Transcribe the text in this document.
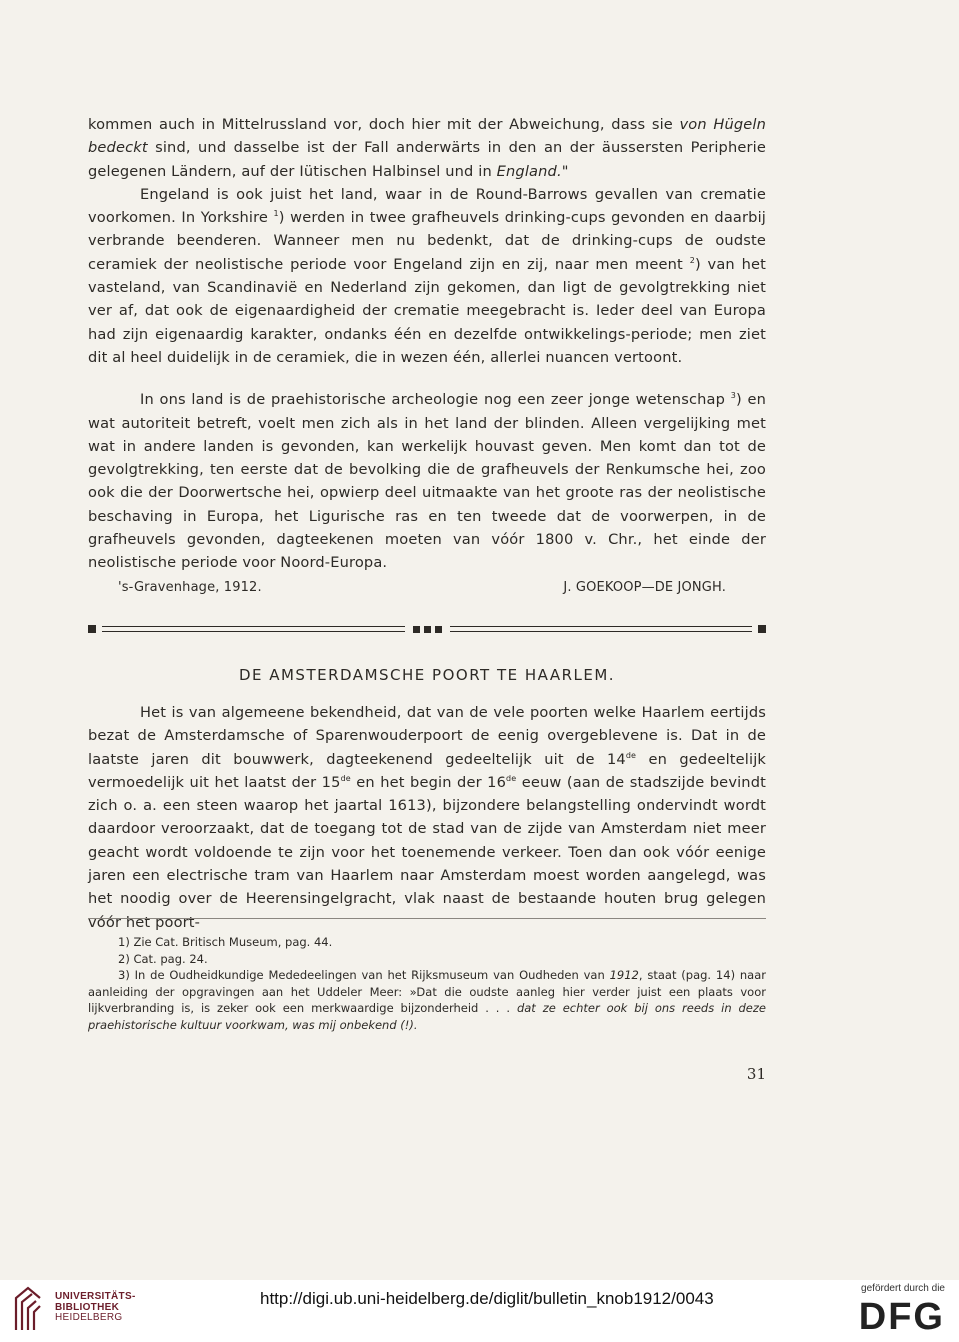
kommen auch in Mittelrussland vor, doch hier mit der Abweichung, dass sie von Hügeln bedeckt sind, und dasselbe ist der Fall anderwärts in den an der äussersten Peripherie gelegenen Ländern, auf der Iütischen Halbinsel und in England."

Engeland is ook juist het land, waar in de Round-Barrows gevallen van crematie voorkomen. In Yorkshire $^1$) werden in twee grafheuvels drinking-cups gevonden en daarbij verbrande beenderen. Wanneer men nu bedenkt, dat de drinking-cups de oudste ceramiek der neolistische periode voor Engeland zijn en zij, naar men meent $^2$) van het vasteland, van Scandinavië en Nederland zijn gekomen, dan ligt de gevolgtrekking niet ver af, dat ook de eigenaardigheid der crematie meegebracht is. Ieder deel van Europa had zijn eigenaardig karakter, ondanks één en dezelfde ontwikkelings-periode; men ziet dit al heel duidelijk in de ceramiek, die in wezen één, allerlei nuancen vertoont.

In ons land is de praehistorische archeologie nog een zeer jonge wetenschap $^3$) en wat autoriteit betreft, voelt men zich als in het land der blinden. Alleen vergelijking met wat in andere landen is gevonden, kan werkelijk houvast geven. Men komt dan tot de gevolgtrekking, ten eerste dat de bevolking die de grafheuvels der Renkumsche hei, zoo ook die der Doorwertsche hei, opwierp deel uitmaakte van het groote ras der neolistische beschaving in Europa, het Ligurische ras en ten tweede dat de voorwerpen, in de grafheuvels gevonden, dagteekenen moeten van vóór 1800 v. Chr., het einde der neolistische periode voor Noord-Europa.

's-Gravenhage, 1912.	J. GOEKOOP—DE JONGH.
DE AMSTERDAMSCHE POORT TE HAARLEM.

Het is van algemeene bekendheid, dat van de vele poorten welke Haarlem eertijds bezat de Amsterdamsche of Sparenwouderpoort de eenig overgeblevene is. Dat in de laatste jaren dit bouwwerk, dagteekenend gedeeltelijk uit de 14de en gedeeltelijk vermoedelijk uit het laatst der 15de en het begin der 16de eeuw (aan de stadszijde bevindt zich o. a. een steen waarop het jaartal 1613), bijzondere belangstelling ondervindt wordt daardoor veroorzaakt, dat de toegang tot de stad van de zijde van Amsterdam niet meer geacht wordt voldoende te zijn voor het toenemende verkeer. Toen dan ook vóór eenige jaren een electrische tram van Haarlem naar Amsterdam moest worden aangelegd, was het noodig over de Heerensingelgracht, vlak naast de bestaande houten brug gelegen vóór het poort-

1) Zie Cat. Britisch Museum, pag. 44.

2) Cat. pag. 24.

3) In de Oudheidkundige Mededeelingen van het Rijksmuseum van Oudheden van 1912, staat (pag. 14) naar aanleiding der opgravingen aan het Uddeler Meer: »Dat die oudste aanleg hier verder juist een plaats voor lijkverbranding is, is zeker ook een merkwaardige bijzonderheid . . . dat ze echter ook bij ons reeds in deze praehistorische kultuur voorkwam, was mij onbekend (!).

31
UNIVERSITÄTS-
BIBLIOTHEK
HEIDELBERG
http://digi.ub.uni-heidelberg.de/diglit/bulletin_knob1912/0043
gefördert durch die
DFG
